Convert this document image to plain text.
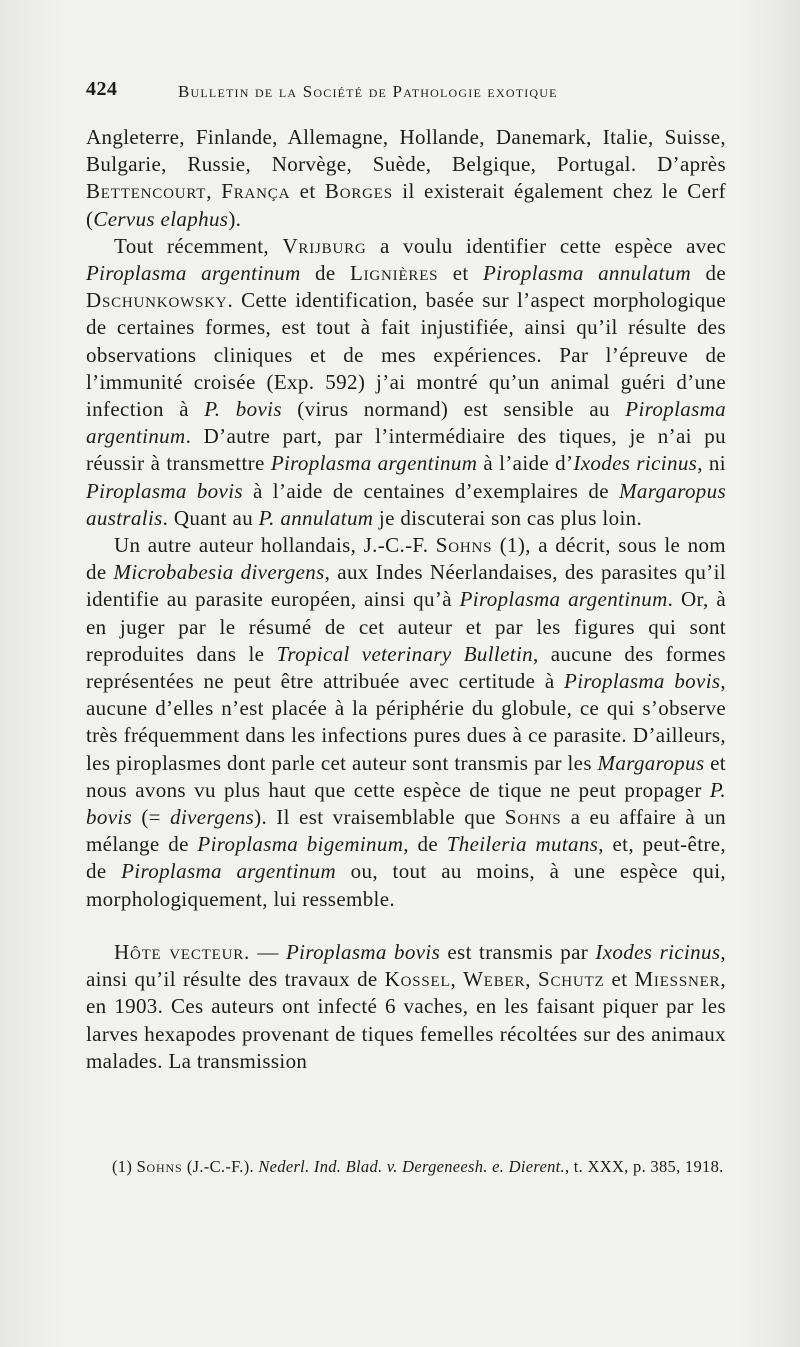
424	Bulletin de la Société de Pathologie exotique

Angleterre, Finlande, Allemagne, Hollande, Danemark, Italie, Suisse, Bulgarie, Russie, Norvège, Suède, Belgique, Portugal. D’après Bettencourt, França et Borges il existerait également chez le Cerf (Cervus elaphus).

Tout récemment, Vrijburg a voulu identifier cette espèce avec Piroplasma argentinum de Lignières et Piroplasma annulatum de Dschunkowsky. Cette identification, basée sur l’aspect morphologique de certaines formes, est tout à fait injustifiée, ainsi qu’il résulte des observations cliniques et de mes expériences. Par l’épreuve de l’immunité croisée (Exp. 592) j’ai montré qu’un animal guéri d’une infection à P. bovis (virus normand) est sensible au Piroplasma argentinum. D’autre part, par l’intermédiaire des tiques, je n’ai pu réussir à transmettre Piroplasma argentinum à l’aide d’Ixodes ricinus, ni Piroplasma bovis à l’aide de centaines d’exemplaires de Margaropus australis. Quant au P. annulatum je discuterai son cas plus loin.

Un autre auteur hollandais, J.-C.-F. Sohns (1), a décrit, sous le nom de Microbabesia divergens, aux Indes Néerlandaises, des parasites qu’il identifie au parasite européen, ainsi qu’à Piroplasma argentinum. Or, à en juger par le résumé de cet auteur et par les figures qui sont reproduites dans le Tropical veterinary Bulletin, aucune des formes représentées ne peut être attribuée avec certitude à Piroplasma bovis, aucune d’elles n’est placée à la périphérie du globule, ce qui s’observe très fréquemment dans les infections pures dues à ce parasite. D’ailleurs, les piroplasmes dont parle cet auteur sont transmis par les Margaropus et nous avons vu plus haut que cette espèce de tique ne peut propager P. bovis (= divergens). Il est vraisemblable que Sohns a eu affaire à un mélange de Piroplasma bigeminum, de Theileria mutans, et, peut-être, de Piroplasma argentinum ou, tout au moins, à une espèce qui, morphologiquement, lui ressemble.

Hôte vecteur. — Piroplasma bovis est transmis par Ixodes ricinus, ainsi qu’il résulte des travaux de Kossel, Weber, Schutz et Miessner, en 1903. Ces auteurs ont infecté 6 vaches, en les faisant piquer par les larves hexapodes provenant de tiques femelles récoltées sur des animaux malades. La transmission

(1) Sohns (J.-C.-F.). Nederl. Ind. Blad. v. Dergeneesh. e. Dierent., t. XXX, p. 385, 1918.
